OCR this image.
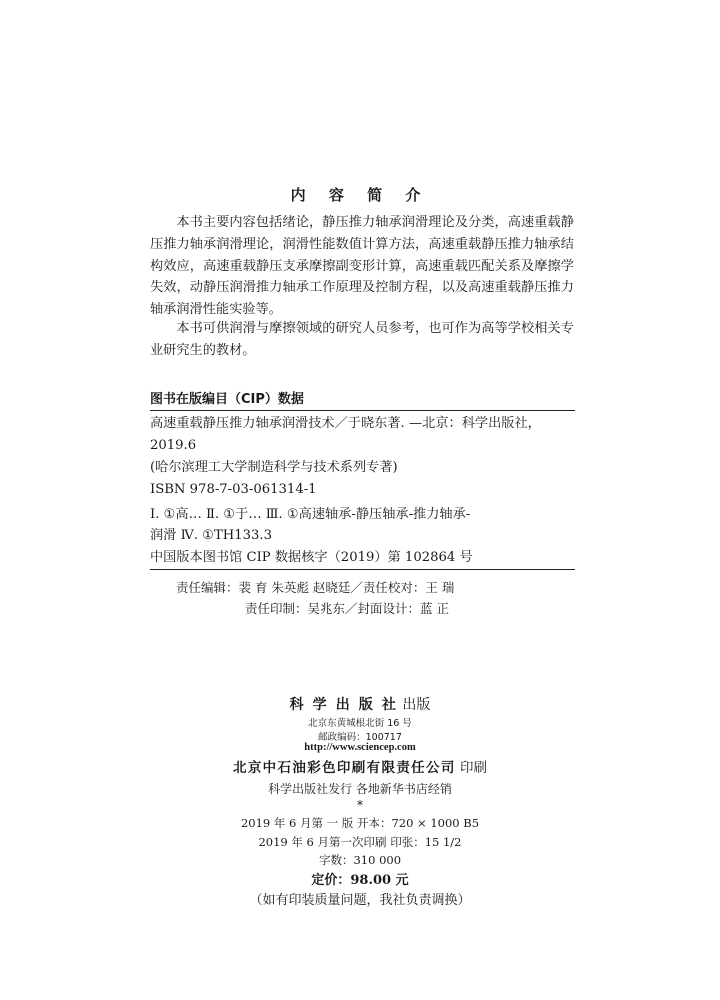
内 容 简 介

本书主要内容包括绪论，静压推力轴承润滑理论及分类，高速重载静压推力轴承润滑理论，润滑性能数值计算方法，高速重载静压推力轴承结构效应，高速重载静压支承摩擦副变形计算，高速重载匹配关系及摩擦学失效，动静压润滑推力轴承工作原理及控制方程，以及高速重载静压推力轴承润滑性能实验等。

本书可供润滑与摩擦领域的研究人员参考，也可作为高等学校相关专业研究生的教材。

图书在版编目（CIP）数据
高速重载静压推力轴承润滑技术／于晓东著. —北京：科学出版社，
2019.6
(哈尔滨理工大学制造科学与技术系列专著)
ISBN 978-7-03-061314-1
Ⅰ. ①高… Ⅱ. ①于… Ⅲ. ①高速轴承-静压轴承-推力轴承-
润滑 Ⅳ. ①TH133.3
中国版本图书馆 CIP 数据核字（2019）第 102864 号
责任编辑：裴 育 朱英彪 赵晓廷／责任校对：王 瑞
责任印制：吴兆东／封面设计：蓝 正
科 学 出 版 社 出版
北京东黄城根北街 16 号
邮政编码：100717
http://www.sciencep.com
北京中石油彩色印刷有限责任公司 印刷
科学出版社发行 各地新华书店经销
*
2019 年 6 月第 一 版 开本：720 × 1000 B5
2019 年 6 月第一次印刷 印张：15 1/2
字数：310 000
定价：98.00 元
（如有印装质量问题，我社负责调换）
